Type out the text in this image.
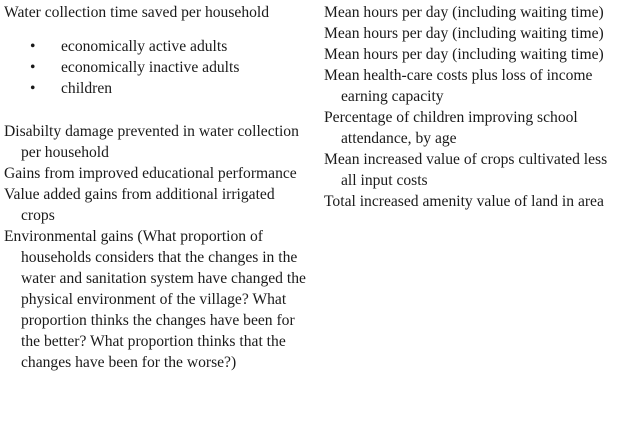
Water collection time saved per household

• economically active adults
• economically inactive adults
• children

Disabilty damage prevented in water collection per household

Gains from improved educational performance

Value added gains from additional irrigated crops

Environmental gains (What proportion of households considers that the changes in the water and sanitation system have changed the physical environment of the village? What proportion thinks the changes have been for the better? What proportion thinks that the changes have been for the worse?)

Mean hours per day (including waiting time)

Mean hours per day (including waiting time)

Mean hours per day (including waiting time)

Mean health-care costs plus loss of income earning capacity

Percentage of children improving school attendance, by age

Mean increased value of crops cultivated less all input costs

Total increased amenity value of land in area
